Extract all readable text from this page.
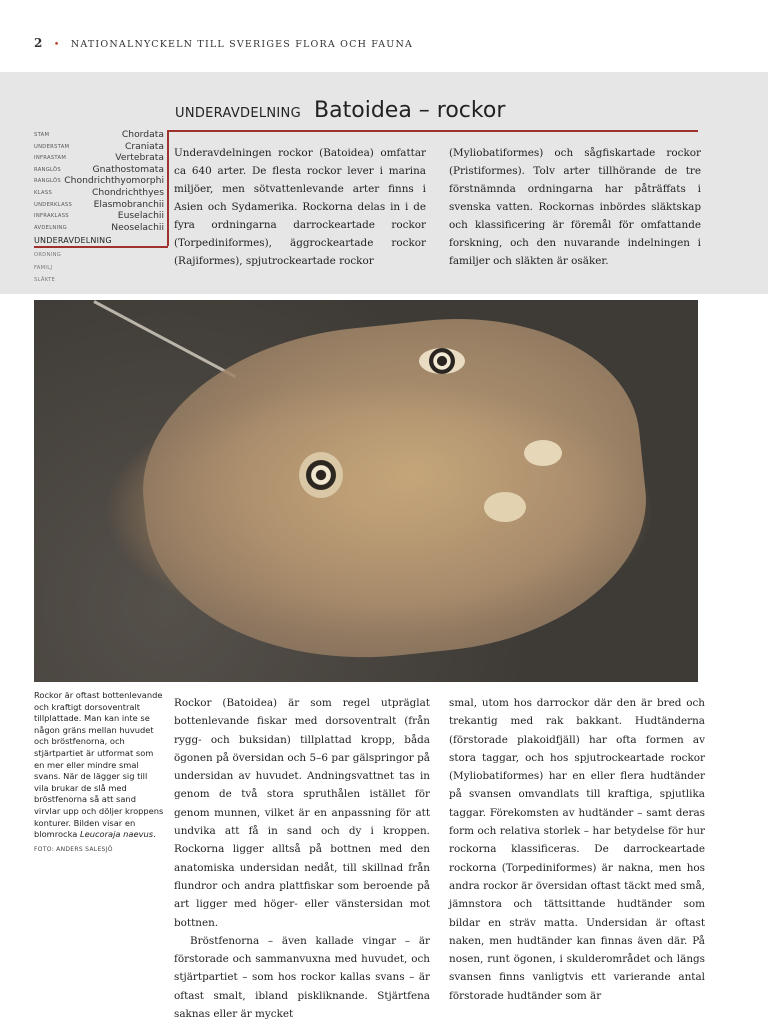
2 • NATIONALNYCKELN TILL SVERIGES FLORA OCH FAUNA
UNDERAVDELNING Batoidea – rockor
STAM	Chordata
UNDERSTAM	Craniata
INFRASTAM	Vertebrata
RANGLÖS	Gnathostomata
RANGLÖS Chondrichthyomorphi
KLASS	Chondrichthyes
UNDERKLASS Elasmobranchii
INFRAKLASS	Euselachii
AVDELNING	Neoselachii
UNDERAVDELNING
ORDNING
FAMILJ
SLÄKTE
Underavdelningen rockor (Batoidea) omfattar ca 640 arter. De flesta rockor lever i marina miljöer, men sötvattenlevande arter finns i Asien och Sydamerika. Rockorna delas in i de fyra ordningarna darrockeartade rockor (Torpediniformes), äggrockeartade rockor (Rajiformes), spjutrockeartade rockor
(Myliobatiformes) och sågfiskartade rockor (Pristiformes). Tolv arter tillhörande de tre förstnämnda ordningarna har påträffats i svenska vatten. Rockornas inbördes släktskap och klassificering är föremål för omfattande forskning, och den nuvarande indelningen i familjer och släkten är osäker.
Rockor är oftast bottenlevande och kraftigt dorsoventralt tillplattade. Man kan inte se någon gräns mellan huvudet och bröstfenorna, och stjärtpartiet är utformat som en mer eller mindre smal svans. När de lägger sig till vila brukar de slå med bröstfenorna så att sand virvlar upp och döljer kroppens konturer. Bilden visar en blomrocka Leucoraja naevus.
FOTO: ANDERS SALESJÖ

Rockor (Batoidea) är som regel utpräglat bottenlevande fiskar med dorsoventralt (från rygg- och buksidan) tillplattad kropp, båda ögonen på översidan och 5–6 par gälspringor på undersidan av huvudet. Andningsvattnet tas in genom de två stora spruthålen istället för genom munnen, vilket är en anpassning för att undvika att få in sand och dy i kroppen. Rockorna ligger alltså på bottnen med den anatomiska undersidan nedåt, till skillnad från flundror och andra plattfiskar som beroende på art ligger med höger- eller vänstersidan mot bottnen.

Bröstfenorna – även kallade vingar – är förstorade och sammanvuxna med huvudet, och stjärtpartiet – som hos rockor kallas svans – är oftast smalt, ibland piskliknande. Stjärtfena saknas eller är mycket

smal, utom hos darrockor där den är bred och trekantig med rak bakkant. Hudtänderna (förstorade plakoidfjäll) har ofta formen av stora taggar, och hos spjutrockeartade rockor (Myliobatiformes) har en eller flera hudtänder på svansen omvandlats till kraftiga, spjutlika taggar. Förekomsten av hudtänder – samt deras form och relativa storlek – har betydelse för hur rockorna klassificeras. De darrockeartade rockorna (Torpediniformes) är nakna, men hos andra rockor är översidan oftast täckt med små, jämnstora och tättsittande hudtänder som bildar en sträv matta. Undersidan är oftast naken, men hudtänder kan finnas även där. På nosen, runt ögonen, i skulderområdet och längs svansen finns vanligtvis ett varierande antal förstorade hudtänder som är
